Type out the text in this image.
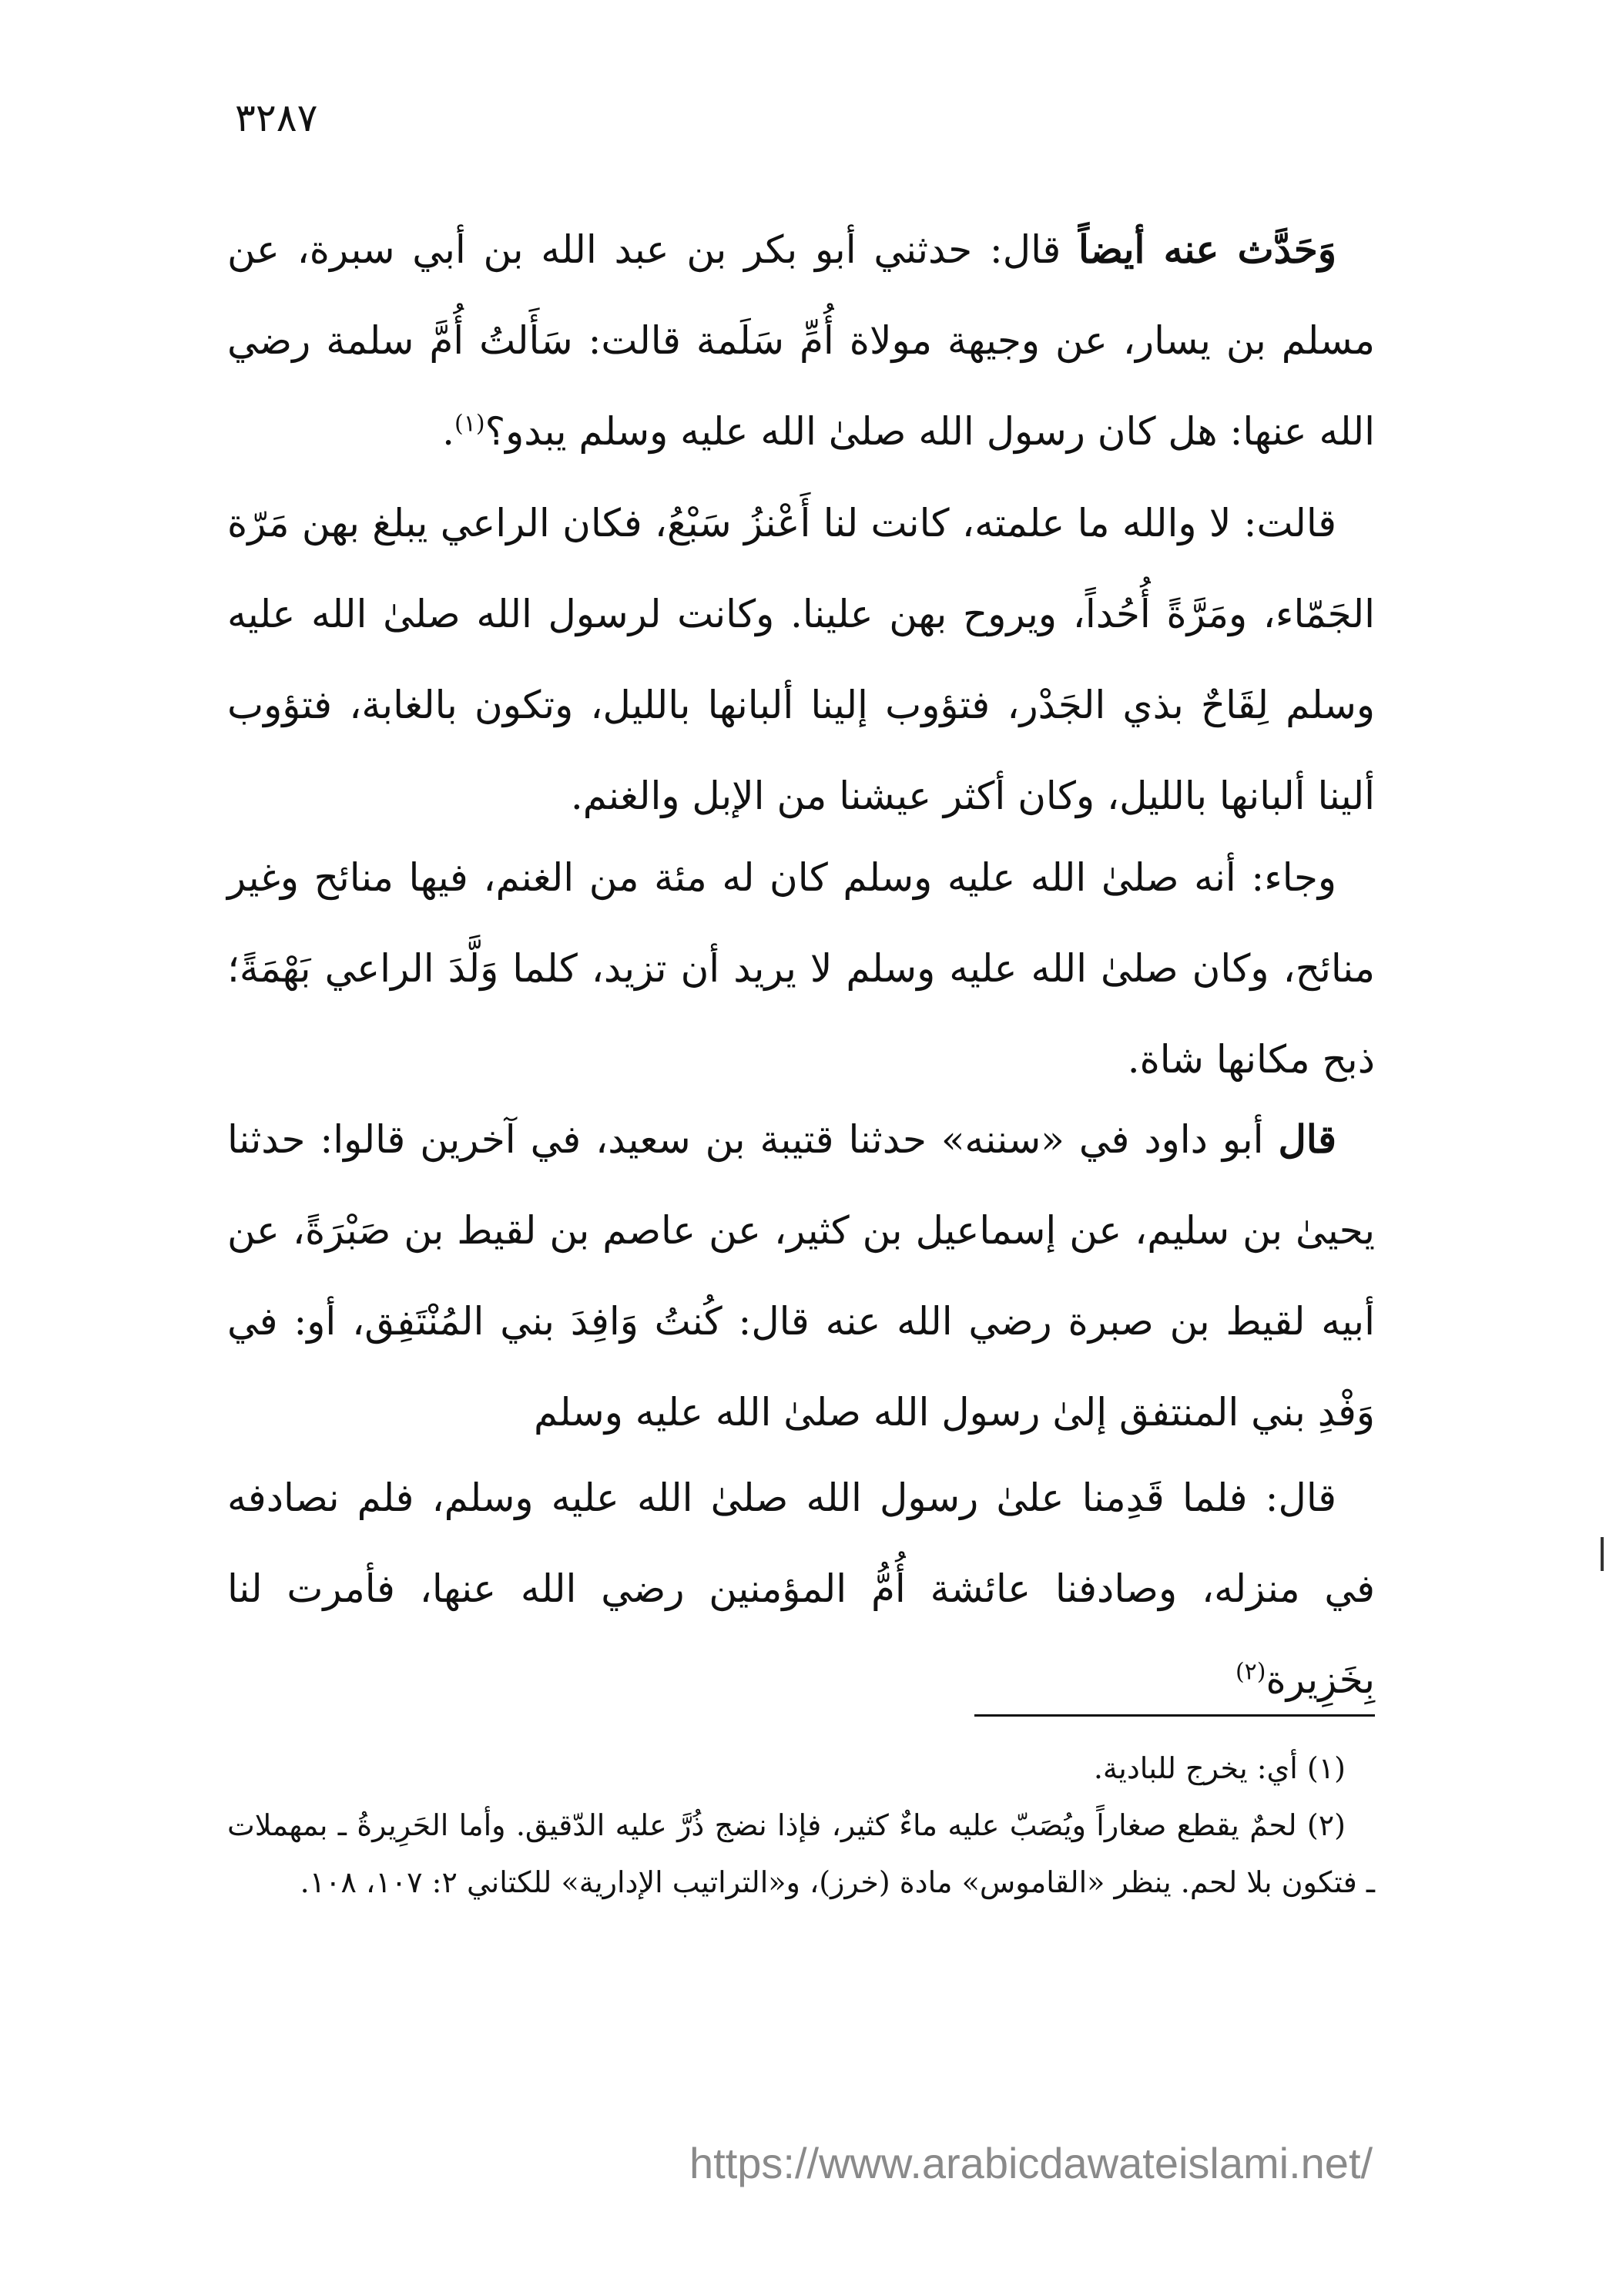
٣٢٨٧

وَحَدَّث عنه أيضاً قال: حدثني أبو بكر بن عبد الله بن أبي سبرة، عن مسلم بن يسار، عن وجيهة مولاة أُمِّ سَلَمة قالت: سَأَلتُ أُمَّ سلمة رضي الله عنها: هل كان رسول الله صلىٰ الله عليه وسلم يبدو؟$^{(١)}$.

قالت: لا والله ما علمته، كانت لنا أَعْنزُ سَبْعُ، فكان الراعي يبلغ بهن مَرّة الجَمّاء، ومَرَّةً أُحُداً، ويروح بهن علينا. وكانت لرسول الله صلىٰ الله عليه وسلم لِقَاحٌ بذي الجَدْر، فتؤوب إلينا ألبانها بالليل، وتكون بالغابة، فتؤوب ألينا ألبانها بالليل، وكان أكثر عيشنا من الإبل والغنم.

وجاء: أنه صلىٰ الله عليه وسلم كان له مئة من الغنم، فيها منائح وغير منائح، وكان صلىٰ الله عليه وسلم لا يريد أن تزيد، كلما وَلَّدَ الراعي بَهْمَةً؛ ذبح مكانها شاة.

قال أبو داود في «سننه» حدثنا قتيبة بن سعيد، في آخرين قالوا: حدثنا يحيىٰ بن سليم، عن إسماعيل بن كثير، عن عاصم بن لقيط بن صَبْرَةً، عن أبيه لقيط بن صبرة رضي الله عنه قال: كُنتُ وَافِدَ بني المُنْتَفِق، أو: في وَفْدِ بني المنتفق إلىٰ رسول الله صلىٰ الله عليه وسلم

قال: فلما قَدِمنا علىٰ رسول الله صلىٰ الله عليه وسلم، فلم نصادفه في منزله، وصادفنا عائشة أُمُّ المؤمنين رضي الله عنها، فأمرت لنا بِخَزِيرة$^{(٢)}$

(١) أي: يخرج للبادية.

(٢) لحمٌ يقطع صغاراً ويُصَبّ عليه ماءٌ كثير، فإذا نضج ذُرَّ عليه الدّقيق. وأما الحَرِيرةُ ـ بمهملات ـ فتكون بلا لحم. ينظر «القاموس» مادة (خرز)، و«التراتيب الإدارية» للكتاني ٢: ١٠٧، ١٠٨.

https://www.arabicdawateislami.net/
